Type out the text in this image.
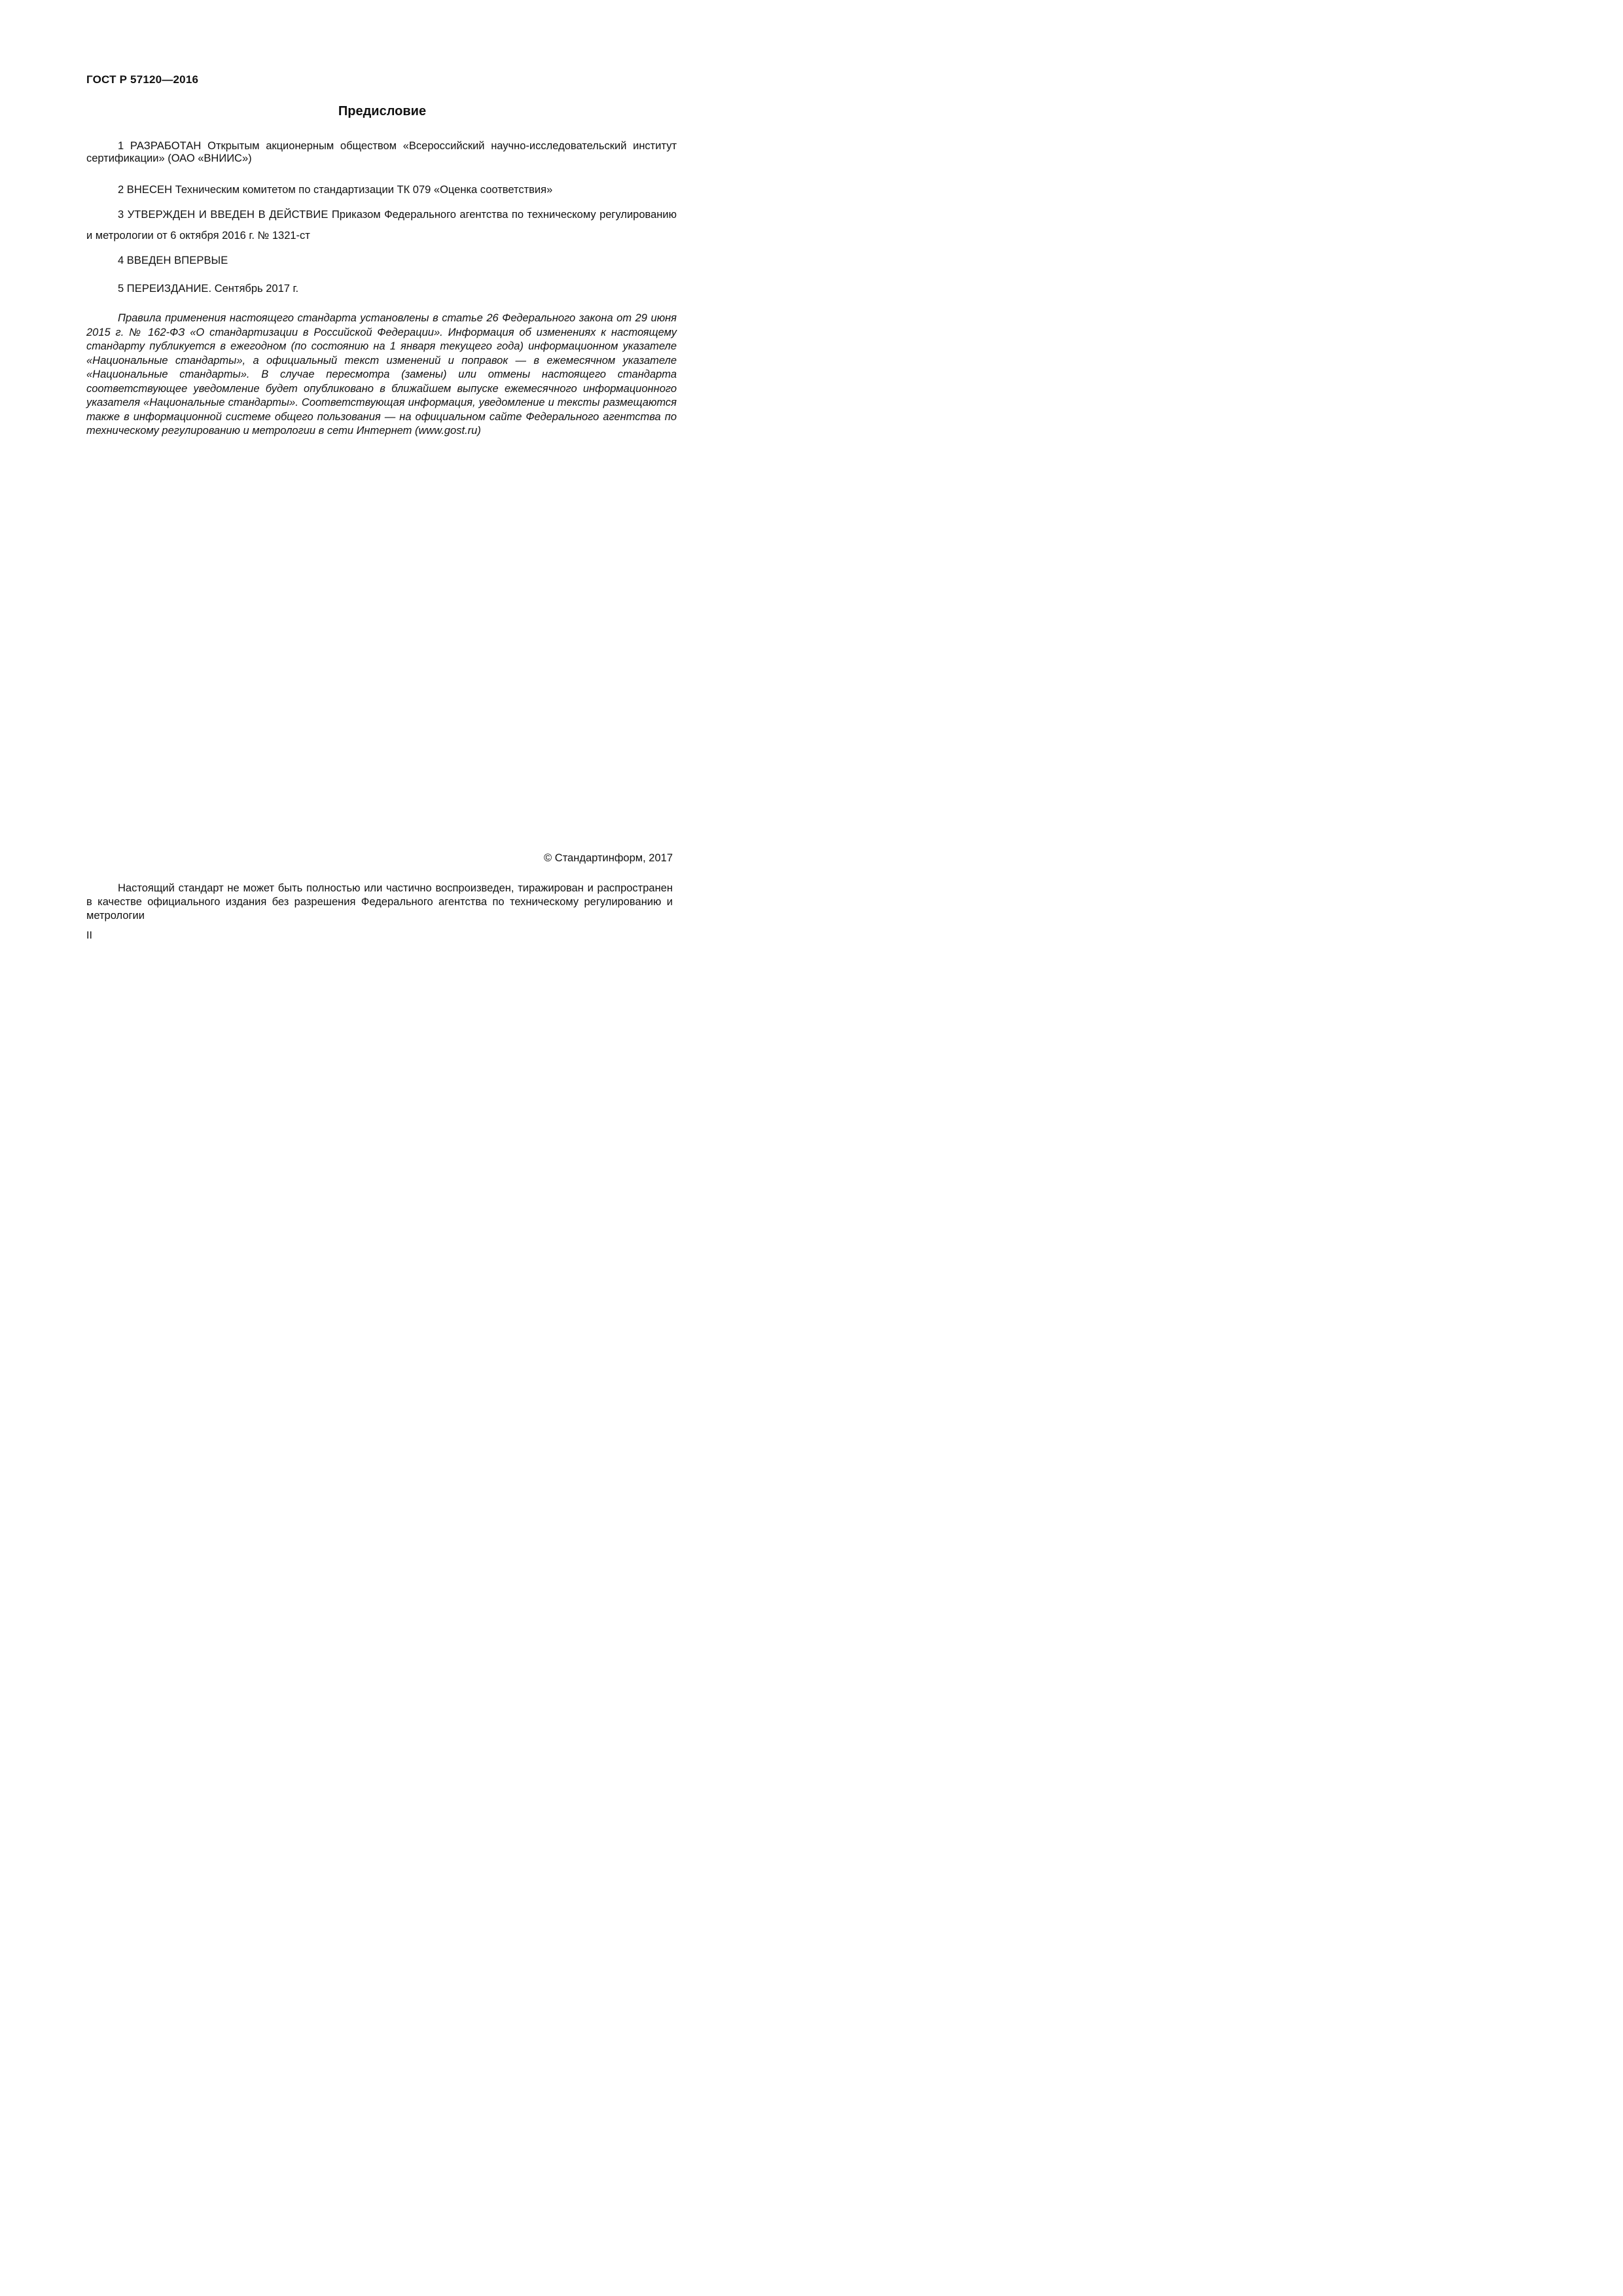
ГОСТ Р 57120—2016
Предисловие

1 РАЗРАБОТАН Открытым акционерным обществом «Всероссийский научно-исследовательский институт сертификации» (ОАО «ВНИИС»)

2 ВНЕСЕН Техническим комитетом по стандартизации ТК 079 «Оценка соответствия»

3 УТВЕРЖДЕН И ВВЕДЕН В ДЕЙСТВИЕ Приказом Федерального агентства по техническому регулированию и метрологии от 6 октября 2016 г. № 1321-ст

4 ВВЕДЕН ВПЕРВЫЕ

5 ПЕРЕИЗДАНИЕ. Сентябрь 2017 г.

Правила применения настоящего стандарта установлены в статье 26 Федерального закона от 29 июня 2015 г. № 162-ФЗ «О стандартизации в Российской Федерации». Информация об изменениях к настоящему стандарту публикуется в ежегодном (по состоянию на 1 января текущего года) информационном указателе «Национальные стандарты», а официальный текст изменений и поправок — в ежемесячном указателе «Национальные стандарты». В случае пересмотра (замены) или отмены настоящего стандарта соответствующее уведомление будет опубликовано в ближайшем выпуске ежемесячного информационного указателя «Национальные стандарты». Соответствующая информация, уведомление и тексты размещаются также в информационной системе общего пользования — на официальном сайте Федерального агентства по техническому регулированию и метрологии в сети Интернет (www.gost.ru)

© Стандартинформ, 2017

Настоящий стандарт не может быть полностью или частично воспроизведен, тиражирован и распространен в качестве официального издания без разрешения Федерального агентства по техническому регулированию и метрологии

II
